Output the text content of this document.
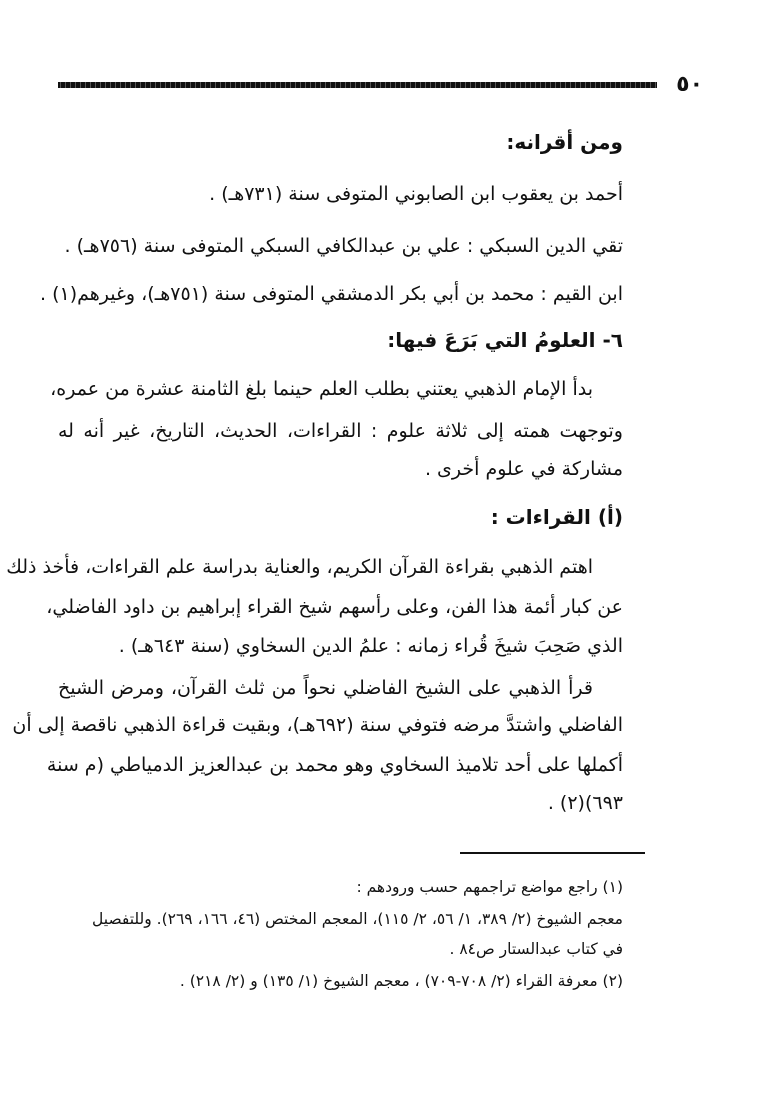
٥٠
ومن أقرانه:
أحمد بن يعقوب ابن الصابوني المتوفى سنة (٧٣١هـ) .
تقي الدين السبكي : علي بن عبدالكافي السبكي المتوفى سنة (٧٥٦هـ) .
ابن القيم : محمد بن أبي بكر الدمشقي المتوفى سنة (٧٥١هـ)، وغيرهم(١) .
٦- العلومُ التي بَرَعَ فيها:
بدأ الإمام الذهبي يعتني بطلب العلم حينما بلغ الثامنة عشرة من عمره،
وتوجهت همته إلى ثلاثة علوم : القراءات، الحديث، التاريخ، غير أنه له
مشاركة في علوم أخرى .
(أ) القراءات :
اهتم الذهبي بقراءة القرآن الكريم، والعناية بدراسة علم القراءات، فأخذ ذلك
عن كبار أئمة هذا الفن، وعلى رأسهم شيخ القراء إبراهيم بن داود الفاضلي،
الذي صَحِبَ شيخَ قُراء زمانه : علمُ الدين السخاوي (سنة ٦٤٣هـ) .
قرأ الذهبي على الشيخ الفاضلي نحواً من ثلث القرآن، ومرض الشيخ
الفاضلي واشتدَّ مرضه فتوفي سنة (٦٩٢هـ)، وبقيت قراءة الذهبي ناقصة إلى أن
أكملها على أحد تلاميذ السخاوي وهو محمد بن عبدالعزيز الدمياطي (م سنة
٦٩٣)(٢) .
(١) راجع مواضع تراجمهم حسب ورودهم :
معجم الشيوخ (٢/ ٣٨٩، ١/ ٥٦، ٢/ ١١٥)، المعجم المختص (٤٦، ١٦٦، ٢٦٩). وللتفصيل
في كتاب عبدالستار ص٨٤ .
(٢) معرفة القراء (٢/ ٧٠٨-٧٠٩) ، معجم الشيوخ (١/ ١٣٥) و (٢/ ٢١٨) .
